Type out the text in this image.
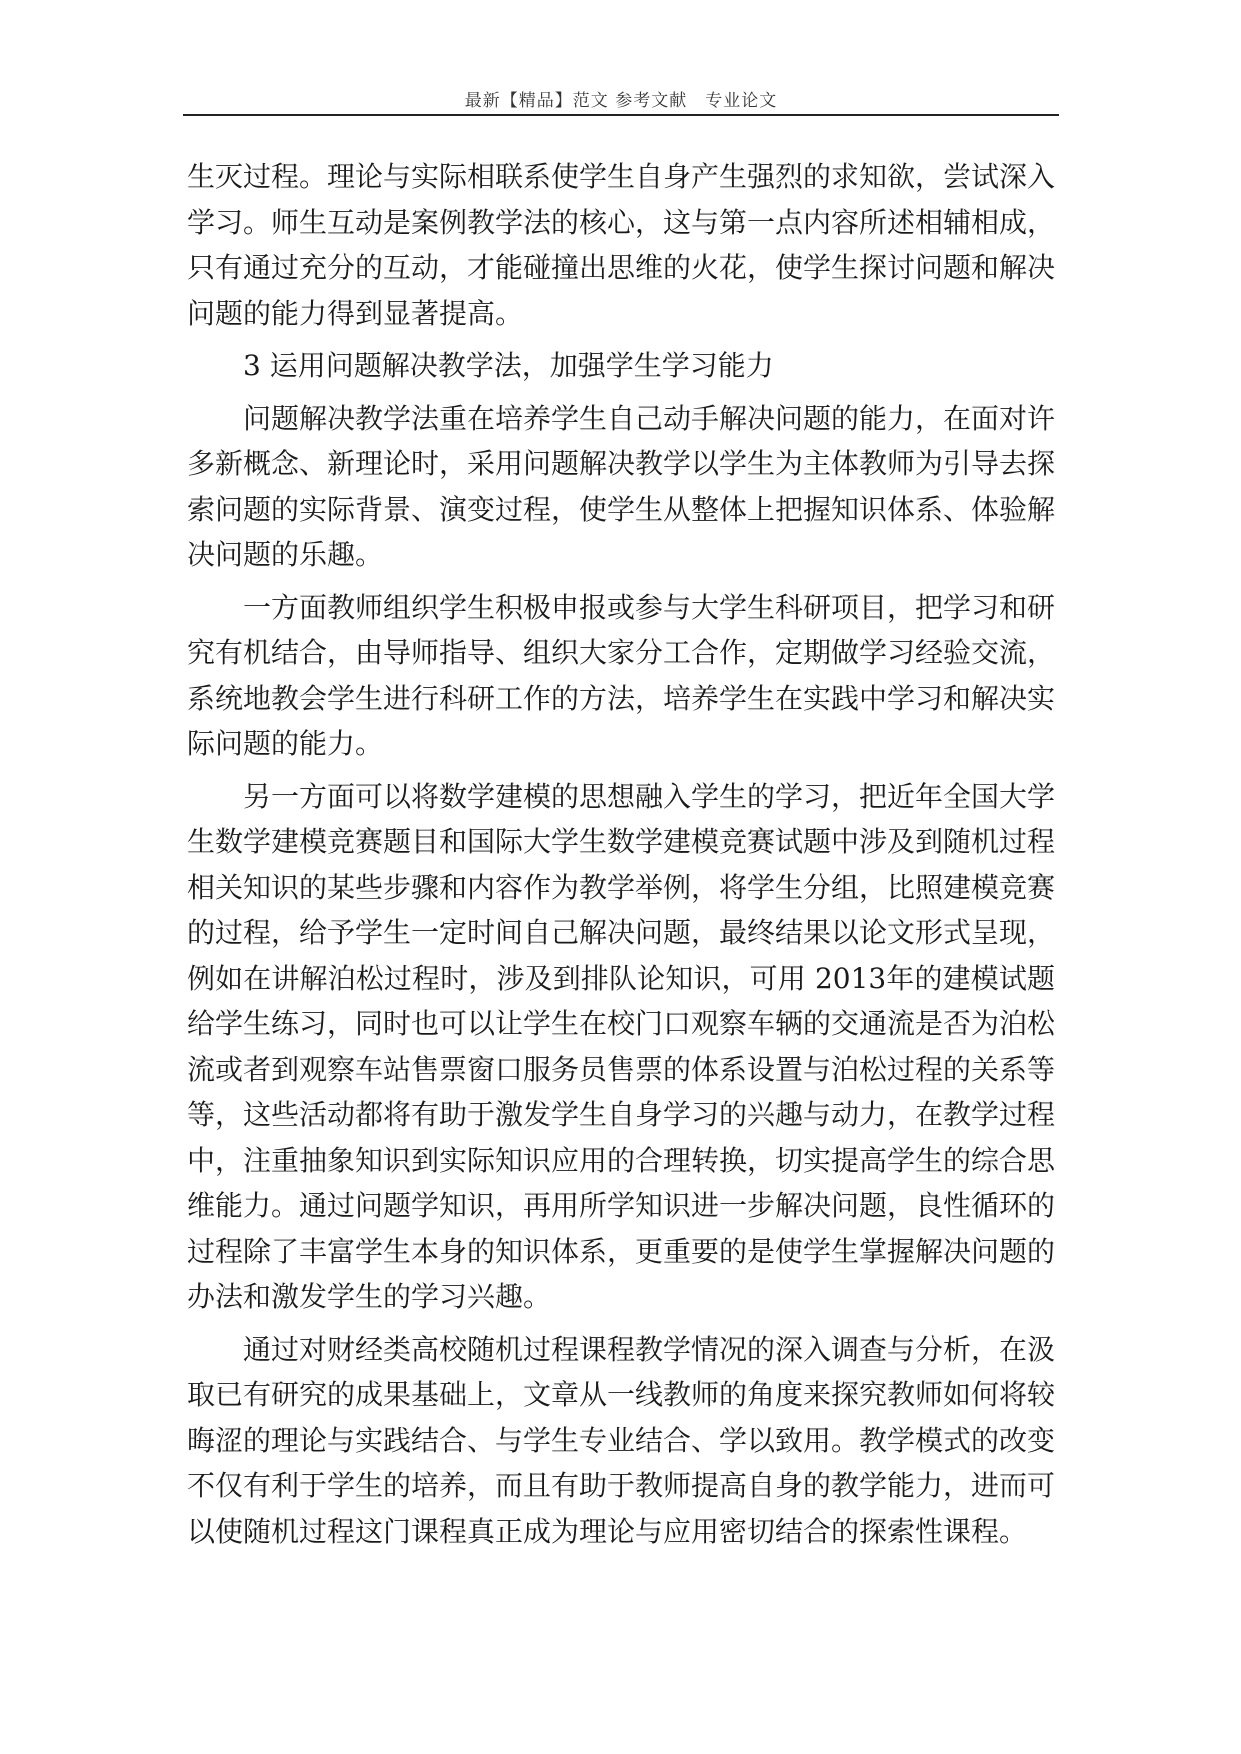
最新【精品】范文 参考文献　专业论文

生灭过程。理论与实际相联系使学生自身产生强烈的求知欲，尝试深入学习。师生互动是案例教学法的核心，这与第一点内容所述相辅相成，只有通过充分的互动，才能碰撞出思维的火花，使学生探讨问题和解决问题的能力得到显著提高。

3 运用问题解决教学法，加强学生学习能力

问题解决教学法重在培养学生自己动手解决问题的能力，在面对许多新概念、新理论时，采用问题解决教学以学生为主体教师为引导去探索问题的实际背景、演变过程，使学生从整体上把握知识体系、体验解决问题的乐趣。

一方面教师组织学生积极申报或参与大学生科研项目，把学习和研究有机结合，由导师指导、组织大家分工合作，定期做学习经验交流，系统地教会学生进行科研工作的方法，培养学生在实践中学习和解决实际问题的能力。

另一方面可以将数学建模的思想融入学生的学习，把近年全国大学生数学建模竞赛题目和国际大学生数学建模竞赛试题中涉及到随机过程相关知识的某些步骤和内容作为教学举例，将学生分组，比照建模竞赛的过程，给予学生一定时间自己解决问题，最终结果以论文形式呈现，例如在讲解泊松过程时，涉及到排队论知识，可用 2013年的建模试题给学生练习，同时也可以让学生在校门口观察车辆的交通流是否为泊松流或者到观察车站售票窗口服务员售票的体系设置与泊松过程的关系等等，这些活动都将有助于激发学生自身学习的兴趣与动力，在教学过程中，注重抽象知识到实际知识应用的合理转换，切实提高学生的综合思维能力。通过问题学知识，再用所学知识进一步解决问题，良性循环的过程除了丰富学生本身的知识体系，更重要的是使学生掌握解决问题的办法和激发学生的学习兴趣。

通过对财经类高校随机过程课程教学情况的深入调查与分析，在汲取已有研究的成果基础上，文章从一线教师的角度来探究教师如何将较晦涩的理论与实践结合、与学生专业结合、学以致用。教学模式的改变不仅有利于学生的培养，而且有助于教师提高自身的教学能力，进而可以使随机过程这门课程真正成为理论与应用密切结合的探索性课程。
